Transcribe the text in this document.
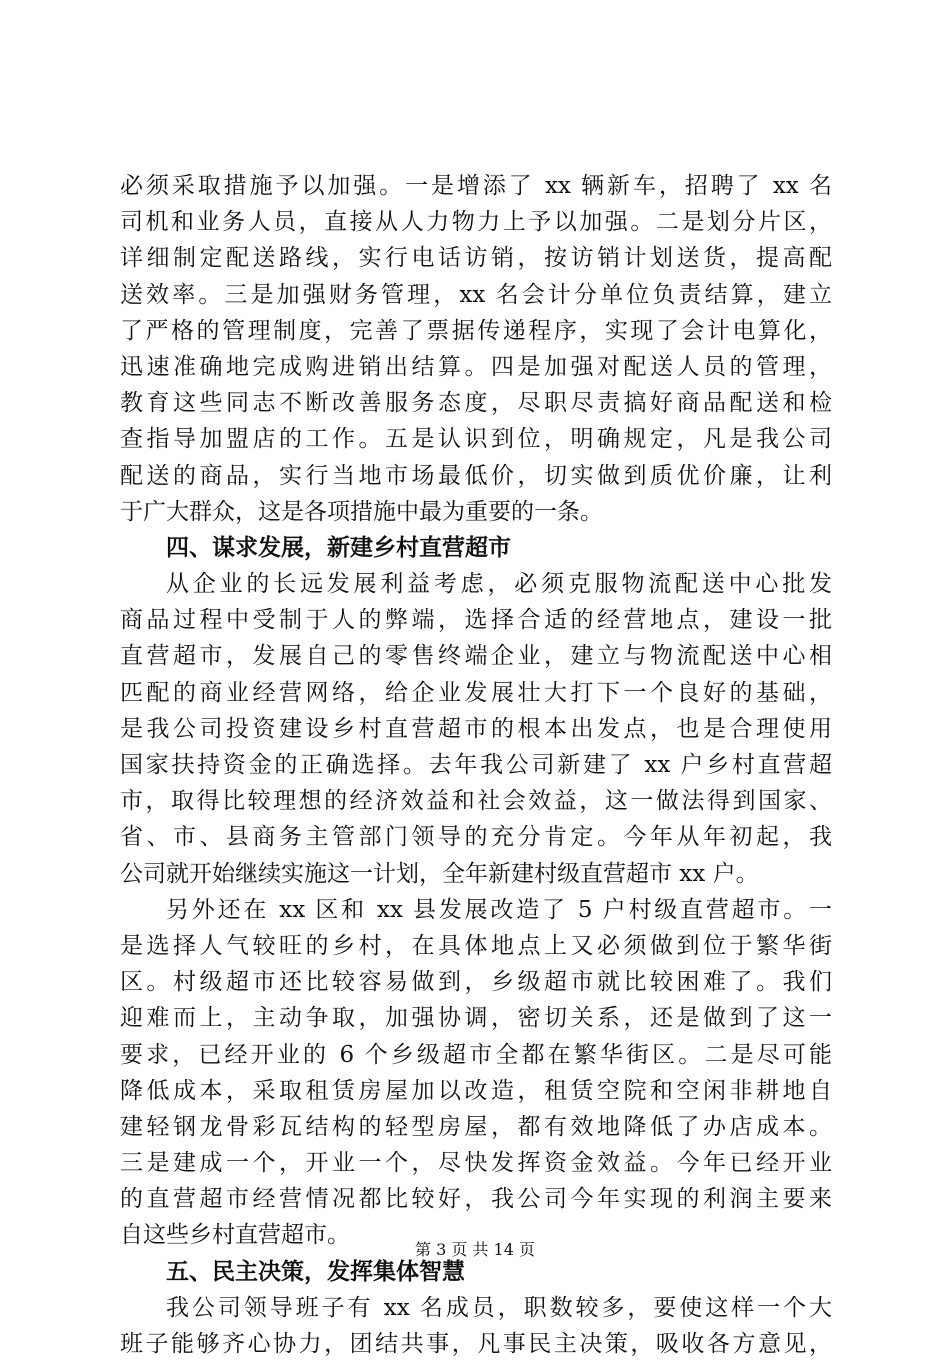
必须采取措施予以加强。一是增添了 xx 辆新车，招聘了 xx 名
司机和业务人员，直接从人力物力上予以加强。二是划分片区，
详细制定配送路线，实行电话访销，按访销计划送货，提高配
送效率。三是加强财务管理，xx 名会计分单位负责结算，建立
了严格的管理制度，完善了票据传递程序，实现了会计电算化，
迅速准确地完成购进销出结算。四是加强对配送人员的管理，
教育这些同志不断改善服务态度，尽职尽责搞好商品配送和检
查指导加盟店的工作。五是认识到位，明确规定，凡是我公司
配送的商品，实行当地市场最低价，切实做到质优价廉，让利
于广大群众，这是各项措施中最为重要的一条。
四、谋求发展，新建乡村直营超市
从企业的长远发展利益考虑，必须克服物流配送中心批发
商品过程中受制于人的弊端，选择合适的经营地点，建设一批
直营超市，发展自己的零售终端企业，建立与物流配送中心相
匹配的商业经营网络，给企业发展壮大打下一个良好的基础，
是我公司投资建设乡村直营超市的根本出发点，也是合理使用
国家扶持资金的正确选择。去年我公司新建了 xx 户乡村直营超
市，取得比较理想的经济效益和社会效益，这一做法得到国家、
省、市、县商务主管部门领导的充分肯定。今年从年初起，我
公司就开始继续实施这一计划，全年新建村级直营超市 xx 户。
另外还在 xx 区和 xx 县发展改造了 5 户村级直营超市。一
是选择人气较旺的乡村，在具体地点上又必须做到位于繁华街
区。村级超市还比较容易做到，乡级超市就比较困难了。我们
迎难而上，主动争取，加强协调，密切关系，还是做到了这一
要求，已经开业的 6 个乡级超市全都在繁华街区。二是尽可能
降低成本，采取租赁房屋加以改造，租赁空院和空闲非耕地自
建轻钢龙骨彩瓦结构的轻型房屋，都有效地降低了办店成本。
三是建成一个，开业一个，尽快发挥资金效益。今年已经开业
的直营超市经营情况都比较好，我公司今年实现的利润主要来
自这些乡村直营超市。
五、民主决策，发挥集体智慧
我公司领导班子有 xx 名成员，职数较多，要使这样一个大
班子能够齐心协力，团结共事，凡事民主决策，吸收各方意见，
第 3 页 共 14 页
